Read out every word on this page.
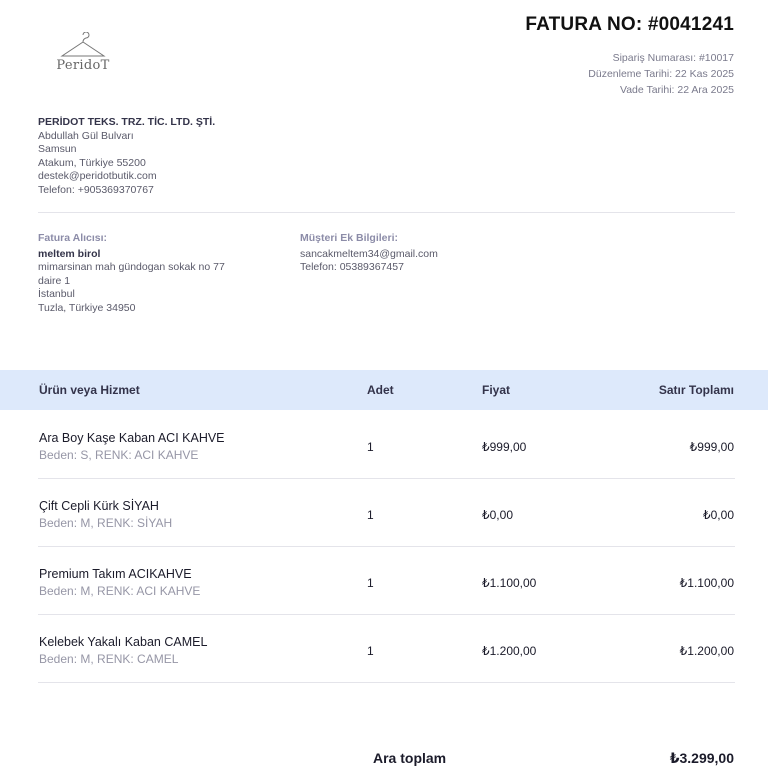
PeridoT
FATURA NO: #0041241
Sipariş Numarası: #10017
Düzenleme Tarihi: 22 Kas 2025
Vade Tarihi: 22 Ara 2025
PERİDOT TEKS. TRZ. TİC. LTD. ŞTİ.
Abdullah Gül Bulvarı
Samsun
Atakum, Türkiye 55200
destek@peridotbutik.com
Telefon: +905369370767
Fatura Alıcısı:
meltem birol
mimarsinan mah gündogan sokak no 77
daire 1
İstanbul
Tuzla, Türkiye 34950
Müşteri Ek Bilgileri:
sancakmeltem34@gmail.com
Telefon: 05389367457
Ürün veya Hizmet	Adet	Fiyat	Satır Toplamı
Ara Boy Kaşe Kaban ACI KAHVE
Beden: S, RENK: ACI KAHVE
1	₺999,00	₺999,00
Çift Cepli Kürk SİYAH
Beden: M, RENK: SİYAH
1	₺0,00	₺0,00
Premium Takım ACIKAHVE
Beden: M, RENK: ACI KAHVE
1	₺1.100,00	₺1.100,00
Kelebek Yakalı Kaban CAMEL
Beden: M, RENK: CAMEL
1	₺1.200,00	₺1.200,00
Ara toplam	₺3.299,00
